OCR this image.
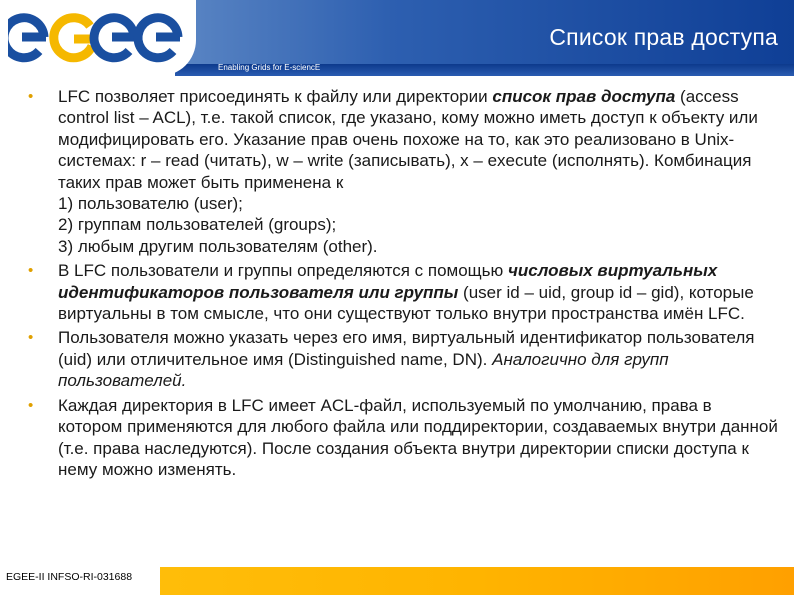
Список прав доступа
Enabling Grids for E-sciencE
• LFC позволяет присоединять к файлу или директории список прав доступа (access control list – ACL), т.е. такой список, где указано, кому можно иметь доступ к объекту или модифицировать его. Указание прав очень похоже на то, как это реализовано в Unix-системах: r – read (читать), w – write (записывать), x – execute (исполнять). Комбинация таких прав может быть применена к
1) пользователю (user);
2) группам пользователей (groups);
3) любым другим пользователям (other).
• В LFC пользователи и группы определяются с помощью числовых виртуальных идентификаторов пользователя или группы (user id – uid, group id – gid), которые виртуальны в том смысле, что они существуют только внутри пространства имён LFC.
• Пользователя можно указать через его имя, виртуальный идентификатор пользователя (uid) или отличительное имя (Distinguished name, DN). Аналогично для групп пользователей.
• Каждая директория в LFC имеет ACL-файл, используемый по умолчанию, права в котором применяются для любого файла или поддиректории, создаваемых внутри данной (т.е. права наследуются). После создания объекта внутри директории списки доступа к нему можно изменять.
EGEE-II INFSO-RI-031688
